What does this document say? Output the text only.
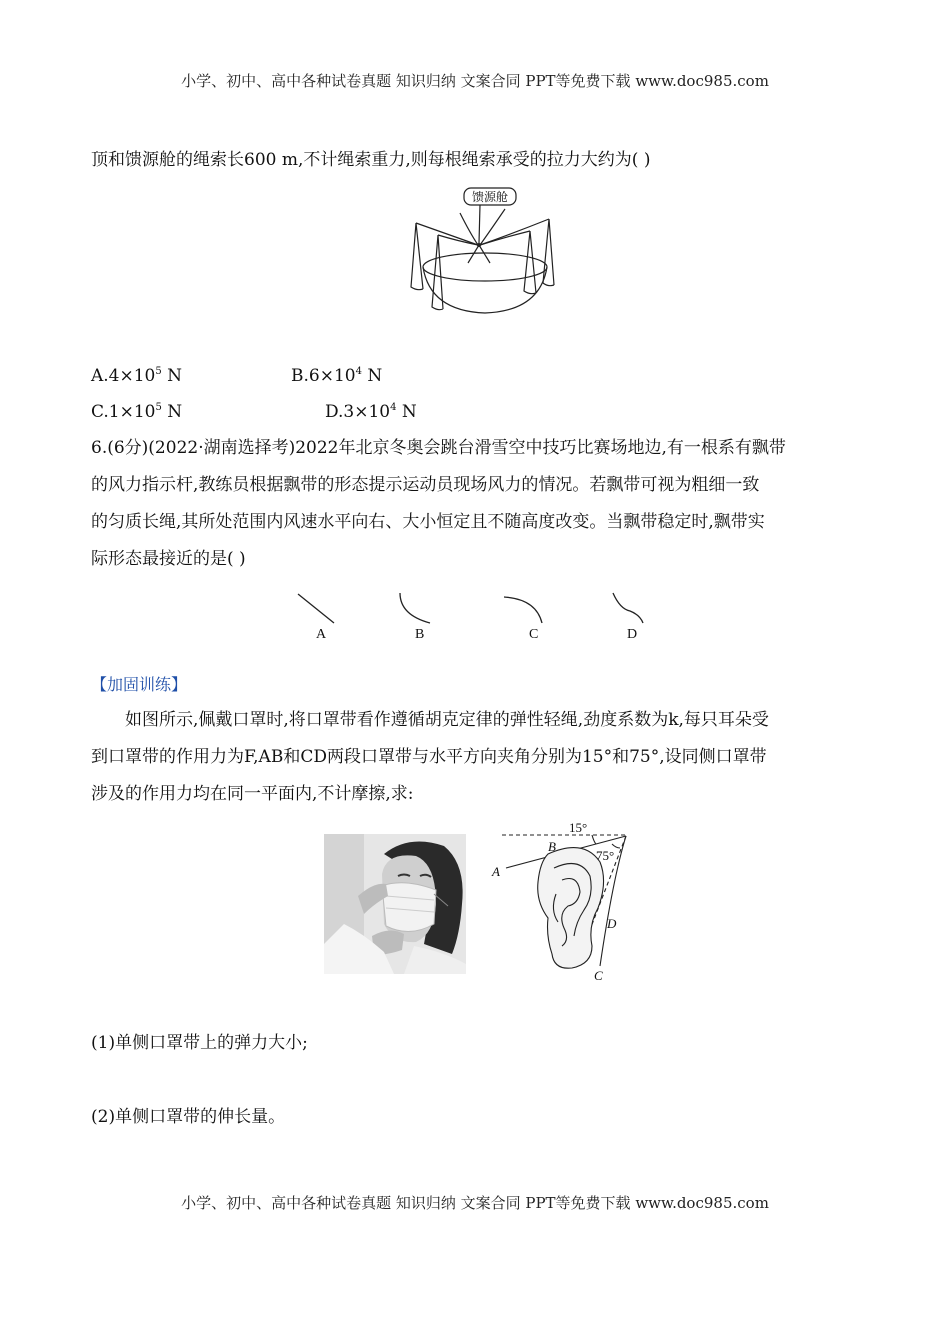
小学、初中、高中各种试卷真题 知识归纳 文案合同 PPT等免费下载 www.doc985.com
顶和馈源舱的绳索长600 m,不计绳索重力,则每根绳索承受的拉力大约为( )
馈源舱
$A.4\times 10^5$ N	$B.6\times 10^4$ N
$C.1\times 10^5$ N	$D.3\times 10^4$ N
6.(6分)(2022·湖南选择考)2022年北京冬奥会跳台滑雪空中技巧比赛场地边,有一根系有飘带
的风力指示杆,教练员根据飘带的形态提示运动员现场风力的情况。若飘带可视为粗细一致
的匀质长绳,其所处范围内风速水平向右、大小恒定且不随高度改变。当飘带稳定时,飘带实
际形态最接近的是( )
A	B	C	D
【加固训练】
如图所示,佩戴口罩时,将口罩带看作遵循胡克定律的弹性轻绳,劲度系数为k,每只耳朵受
到口罩带的作用力为F,AB和CD两段口罩带与水平方向夹角分别为15°和75°,设同侧口罩带
涉及的作用力均在同一平面内,不计摩擦,求:
15°
75°
A
B
C
D
(1)单侧口罩带上的弹力大小;
(2)单侧口罩带的伸长量。
小学、初中、高中各种试卷真题 知识归纳 文案合同 PPT等免费下载 www.doc985.com
